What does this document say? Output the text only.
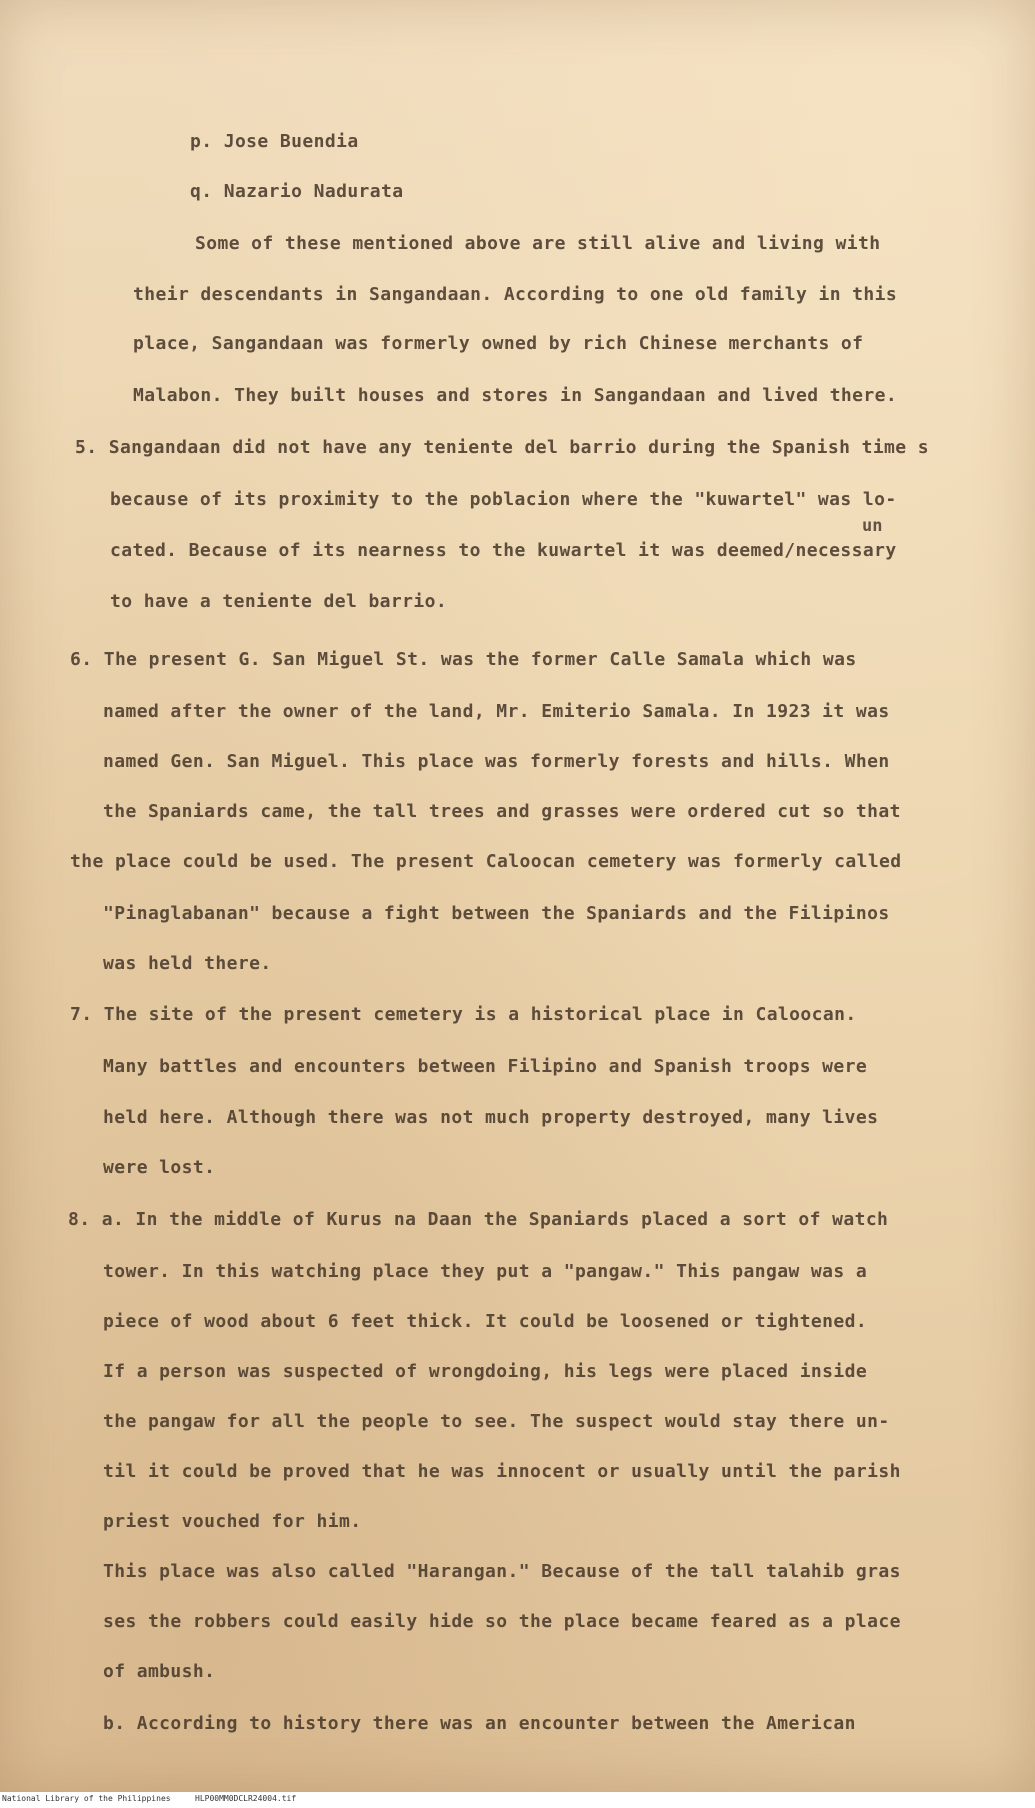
p. Jose Buendia

q. Nazario Nadurata

Some of these mentioned above are still alive and living with

their descendants in Sangandaan. According to one old family in this

place, Sangandaan was formerly owned by rich Chinese merchants of

Malabon. They built houses and stores in Sangandaan and lived there.

5. Sangandaan did not have any teniente del barrio during the Spanish time s

because of its proximity to the poblacion where the "kuwartel" was lo-

un

cated. Because of its nearness to the kuwartel it was deemed/necessary

to have a teniente del barrio.

6. The present G. San Miguel St. was the former Calle Samala which was

named after the owner of the land, Mr. Emiterio Samala. In 1923 it was

named Gen. San Miguel. This place was formerly forests and hills. When

the Spaniards came, the tall trees and grasses were ordered cut so that

the place could be used. The present Caloocan cemetery was formerly called

"Pinaglabanan" because a fight between the Spaniards and the Filipinos

was held there.

7. The site of the present cemetery is a historical place in Caloocan.

Many battles and encounters between Filipino and Spanish troops were

held here. Although there was not much property destroyed, many lives

were lost.

8. a. In the middle of Kurus na Daan the Spaniards placed a sort of watch

tower. In this watching place they put a "pangaw." This pangaw was a

piece of wood about 6 feet thick. It could be loosened or tightened.

If a person was suspected of wrongdoing, his legs were placed inside

the pangaw for all the people to see. The suspect would stay there un-

til it could be proved that he was innocent or usually until the parish

priest vouched for him.

This place was also called "Harangan." Because of the tall talahib gras

ses the robbers could easily hide so the place became feared as a place

of ambush.

b. According to history there was an encounter between the American

National Library of the Philippines	HLP00MM0DCLR24004.tif
